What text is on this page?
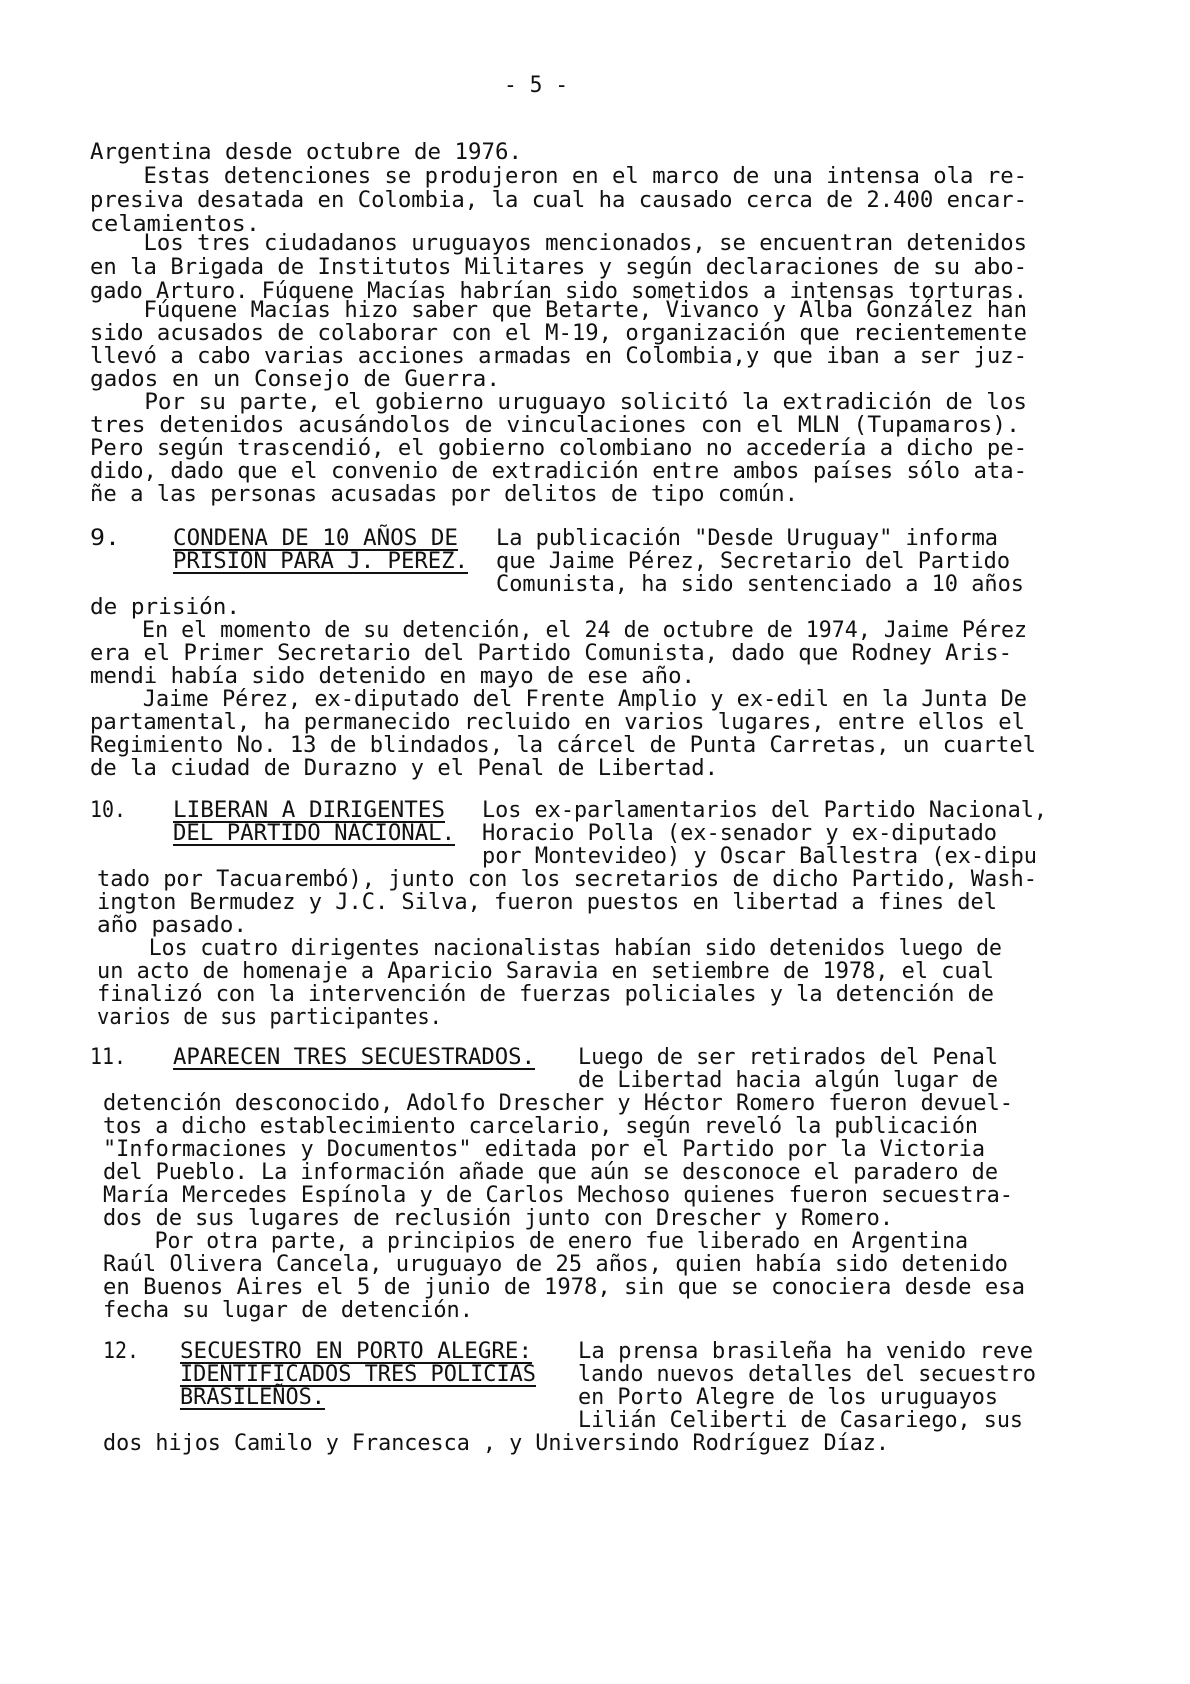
- 5 -
Argentina desde octubre de 1976.
Estas detenciones se produjeron en el marco de una intensa ola re-
presiva desatada en Colombia, la cual ha causado cerca de 2.400 encar-
celamientos.
Los tres ciudadanos uruguayos mencionados, se encuentran detenidos
en la Brigada de Institutos Militares y según declaraciones de su abo-
gado Arturo. Fúquene Macías habrían sido sometidos a intensas torturas.
Fúquene Macías hizo saber que Betarte, Vivanco y Alba González han
sido acusados de colaborar con el M-19, organización que recientemente
llevó a cabo varias acciones armadas en Colombia,y que iban a ser juz-
gados en un Consejo de Guerra.
Por su parte, el gobierno uruguayo solicitó la extradición de los
tres detenidos acusándolos de vinculaciones con el MLN (Tupamaros).
Pero según trascendió, el gobierno colombiano no accedería a dicho pe-
dido, dado que el convenio de extradición entre ambos países sólo ata-
ñe a las personas acusadas por delitos de tipo común.
9. CONDENA DE 10 AÑOS DE
PRISION PARA J. PEREZ.
La publicación "Desde Uruguay" informa
que Jaime Pérez, Secretario del Partido
Comunista, ha sido sentenciado a 10 años
de prisión.
En el momento de su detención, el 24 de octubre de 1974, Jaime Pérez
era el Primer Secretario del Partido Comunista, dado que Rodney Aris-
mendi había sido detenido en mayo de ese año.
Jaime Pérez, ex-diputado del Frente Amplio y ex-edil en la Junta De
partamental, ha permanecido recluido en varios lugares, entre ellos el
Regimiento No. 13 de blindados, la cárcel de Punta Carretas, un cuartel
de la ciudad de Durazno y el Penal de Libertad.
10. LIBERAN A DIRIGENTES
DEL PARTIDO NACIONAL.
Los ex-parlamentarios del Partido Nacional,
Horacio Polla (ex-senador y ex-diputado
por Montevideo) y Oscar Ballestra (ex-dipu
tado por Tacuarembó), junto con los secretarios de dicho Partido, Wash-
ington Bermudez y J.C. Silva, fueron puestos en libertad a fines del
año pasado.
Los cuatro dirigentes nacionalistas habían sido detenidos luego de
un acto de homenaje a Aparicio Saravia en setiembre de 1978, el cual
finalizó con la intervención de fuerzas policiales y la detención de
varios de sus participantes.
11. APARECEN TRES SECUESTRADOS. Luego de ser retirados del Penal
de Libertad hacia algún lugar de
detención desconocido, Adolfo Drescher y Héctor Romero fueron devuel-
tos a dicho establecimiento carcelario, según reveló la publicación
"Informaciones y Documentos" editada por el Partido por la Victoria
del Pueblo. La información añade que aún se desconoce el paradero de
María Mercedes Espínola y de Carlos Mechoso quienes fueron secuestra-
dos de sus lugares de reclusión junto con Drescher y Romero.
Por otra parte, a principios de enero fue liberado en Argentina
Raúl Olivera Cancela, uruguayo de 25 años, quien había sido detenido
en Buenos Aires el 5 de junio de 1978, sin que se conociera desde esa
fecha su lugar de detención.
12. SECUESTRO EN PORTO ALEGRE:
IDENTIFICADOS TRES POLICIAS
BRASILEÑOS.
La prensa brasileña ha venido reve
lando nuevos detalles del secuestro
en Porto Alegre de los uruguayos
Lilián Celiberti de Casariego, sus
dos hijos Camilo y Francesca , y Universindo Rodríguez Díaz.
